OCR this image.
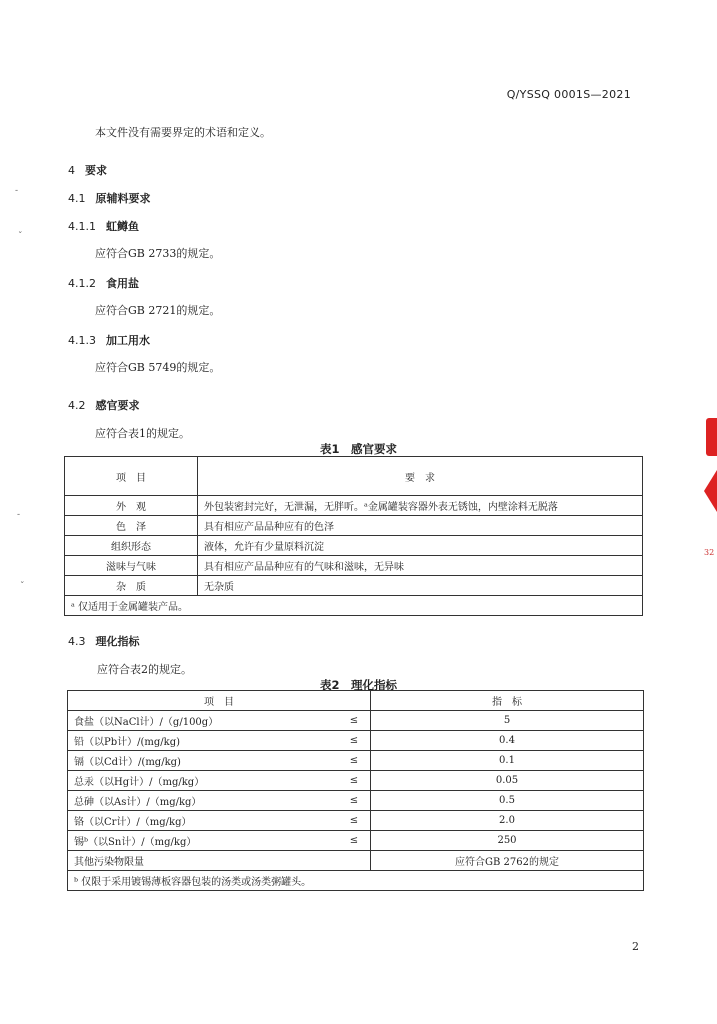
Q/YSSQ 0001S—2021
本文件没有需要界定的术语和定义。
4 要求
4.1 原辅料要求
4.1.1 虹鳟鱼
应符合GB 2733的规定。
4.1.2 食用盐
应符合GB 2721的规定。
4.1.3 加工用水
应符合GB 5749的规定。
4.2 感官要求
应符合表1的规定。
表1　感官要求
项　目	要　求
外　观	外包装密封完好，无泄漏，无胖听。ᵃ金属罐装容器外表无锈蚀，内壁涂料无脱落
色　泽	具有相应产品品种应有的色泽
组织形态	液体，允许有少量原料沉淀
滋味与气味	具有相应产品品种应有的气味和滋味，无异味
杂　质	无杂质
ᵃ 仅适用于金属罐装产品。	
4.3 理化指标
应符合表2的规定。
表2　理化指标
项　目		指　标
食盐（以NaCl计）/（g/100g）	≤	5
铅（以Pb计）/(mg/kg)	≤	0.4
镉（以Cd计）/(mg/kg)	≤	0.1
总汞（以Hg计）/（mg/kg）	≤	0.05
总砷（以As计）/（mg/kg）	≤	0.5
铬（以Cr计）/（mg/kg）	≤	2.0
锡ᵇ（以Sn计）/（mg/kg）	≤	250
其他污染物限量		应符合GB 2762的规定
ᵇ 仅限于采用镀锡薄板容器包装的汤类或汤类粥罐头。		
2
-
ˇ
-
ˇ
32
